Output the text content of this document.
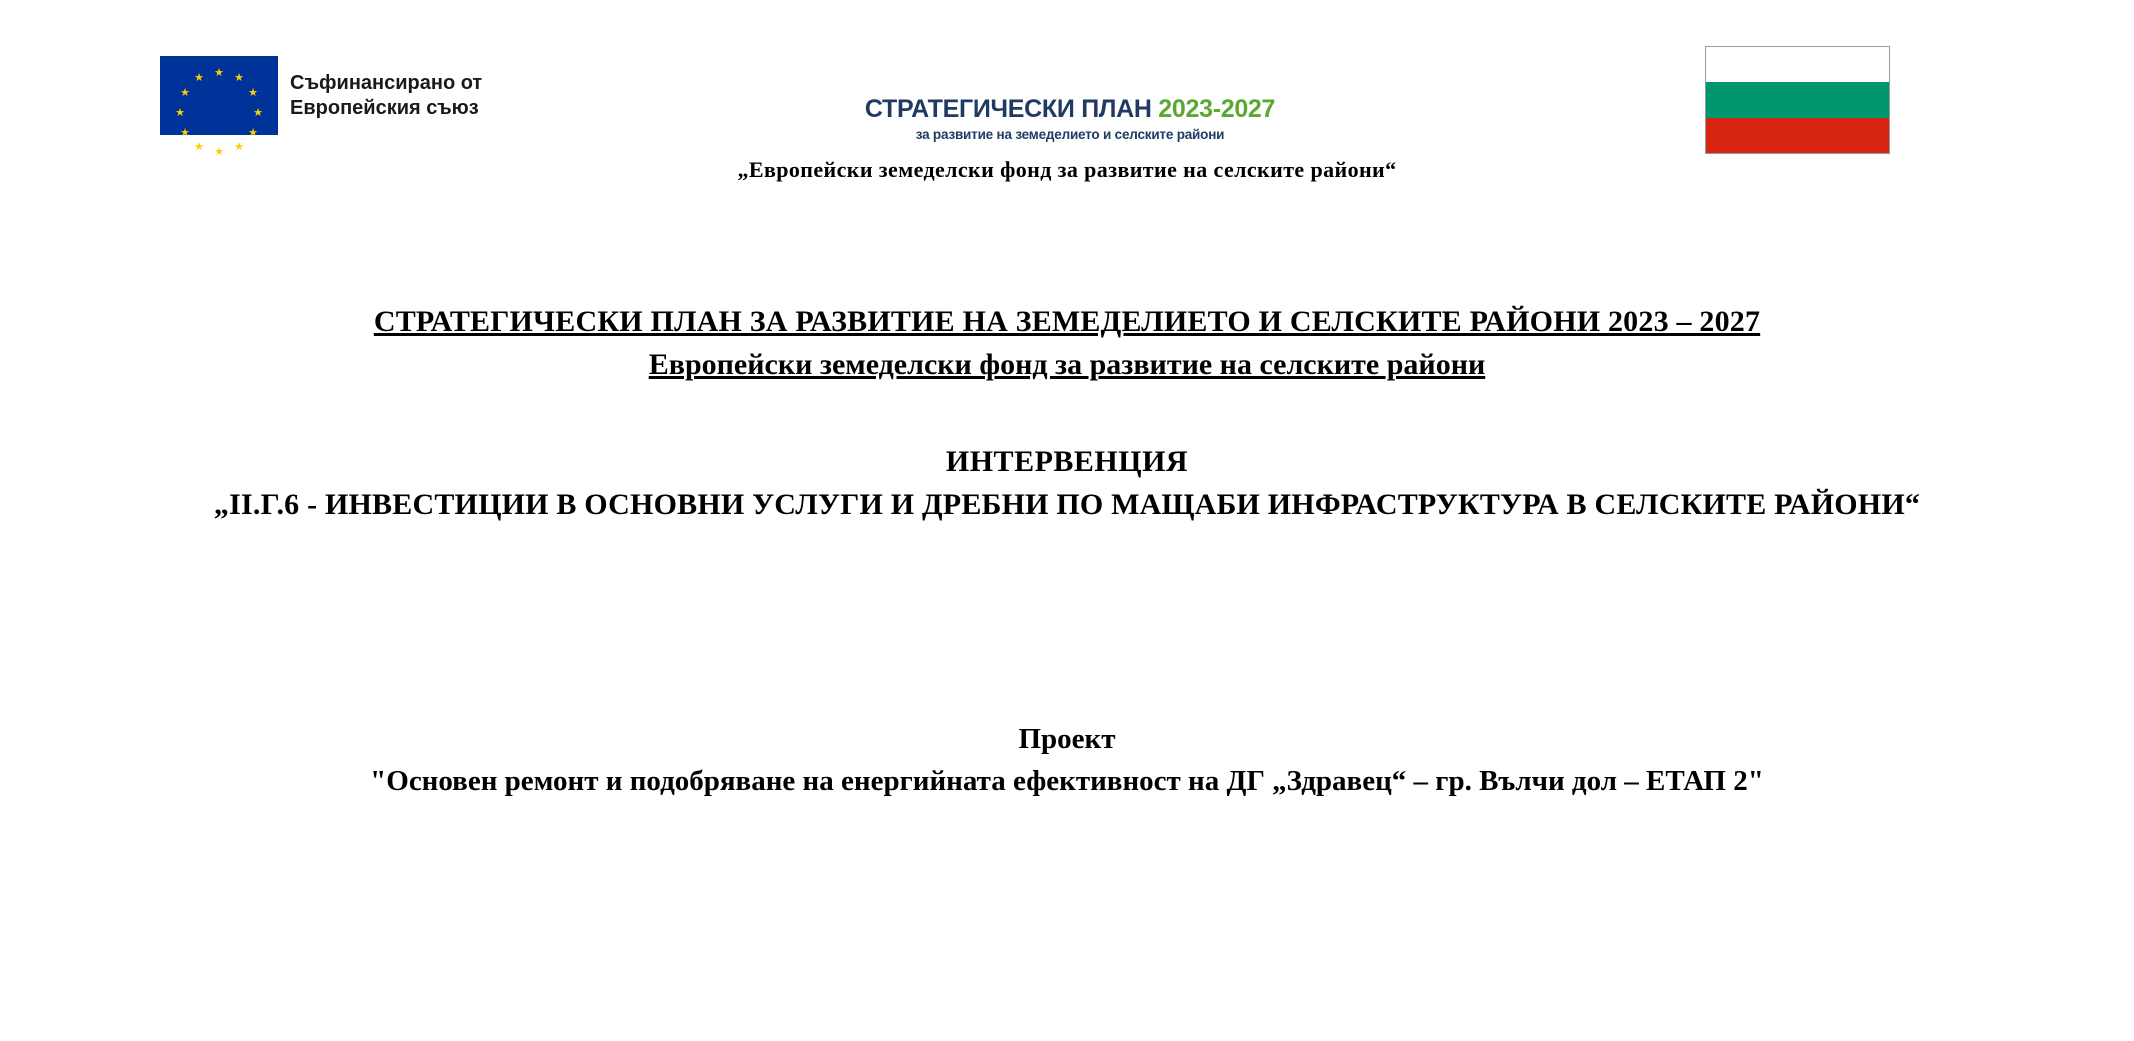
★ ★
★
★
★
★
★
★
★
★
★
★	Съфинансирано от
Европейския съюз	СТРАТЕГИЧЕСКИ ПЛАН 2023-2027
за развитие на земеделието и селските райони
„Европейски земеделски фонд за развитие на селските райони“
СТРАТЕГИЧЕСКИ ПЛАН ЗА РАЗВИТИЕ НА ЗЕМЕДЕЛИЕТО И СЕЛСКИТЕ РАЙОНИ 2023 – 2027
Европейски земеделски фонд за развитие на селските райони
ИНТЕРВЕНЦИЯ
„II.Г.6 - ИНВЕСТИЦИИ В ОСНОВНИ УСЛУГИ И ДРЕБНИ ПО МАЩАБИ ИНФРАСТРУКТУРА В СЕЛСКИТЕ РАЙОНИ“
Проект
"Основен ремонт и подобряване на енергийната ефективност на ДГ „Здравец“ – гр. Вълчи дол – ЕТАП 2"
